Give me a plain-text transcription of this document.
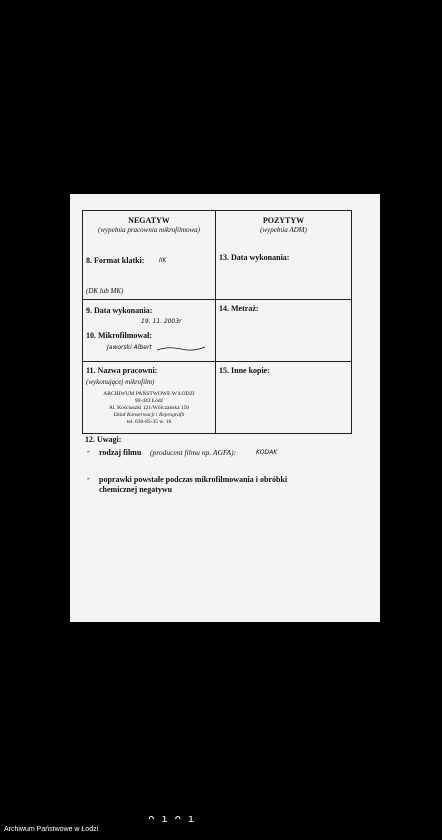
NEGATYW
(wypełnia pracownia mikrofilmowa)
POZYTYW
(wypełnia ADM)
8. Format klatki: IIK	13. Data wykonania:
(DK lub MK)
9. Data wykonania:
19. 11. 2003r
14. Metraż:
10. Mikrofilmował:
Jaworski Albert
11. Nazwa pracowni:
(wykonującej mikrofilm)
ARCHIWUM PAŃSTWOWE W ŁODZI
90-443 Łódź
Al. Kościuszki 121/Wólczańska 150
Dział Konserwacji i Reprografii
tel. 636-85-35 w. 16
15. Inne kopie:
12. Uwagi:
- rodzaj filmu (producent filmu np. AGFA):	KODAK
- poprawki powstałe podczas mikrofilmowania i obróbki
chemicznej negatywu
ᴖ ı ᴖ ı
Archiwum Państwowe w Łodzi
